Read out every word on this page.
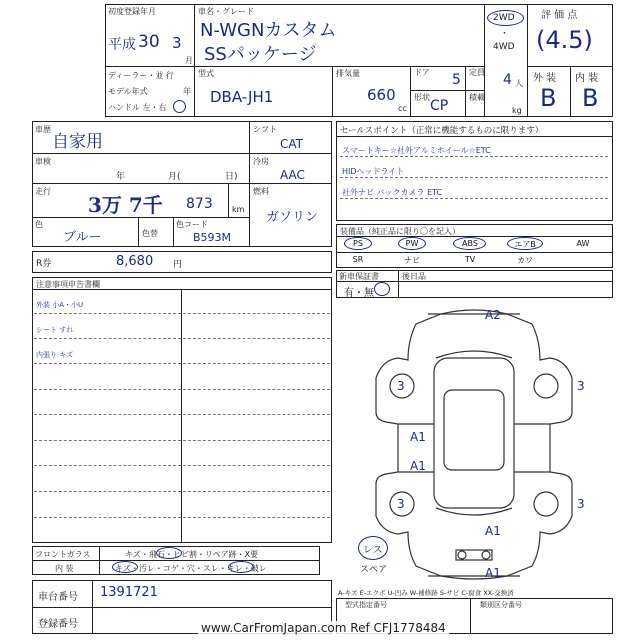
初度登録年月
平成 30 3
月
車名・グレード
N-WGNカスタム
SSパッケージ
2WD
・
4WD
評 価 点
(4.5)
ディーラー・並 行
モデル年式	年
ハンドル 左・右
型式
DBA-JH1
排気量
660
cc
ドア 5 定員 4 人
形状
CP
積載
kg
外 装 内 装
B B
車歴
自家用
車検
年	月(	日)
走行
3万 7千 873 km
色
ブルー	色替
色コード
B593M
シフト
CAT
冷房
AAC
燃料
ガソリン
セールスポイント（正常に機能するものに限ります）
スマートキー☆社外アルミホイール☆ETC
HIDヘッドライト
社外ナビ バックカメラ ETC
装備品（純正品に限り〇を記入）
PS	PW	ABS	エアB	AW
SR	ナビ	TV	カワ
新車保証書	後日品
有・無
R券	8,680 円
注意事項申告書欄
外装 小A・小U
シート すれ
内張り キズ
A2
3	3
A1
A1
3	3
A1
A1
レス
スペア
フロントガラス	キズ・飛石・ヒビ割・リペア跡・X要
内 装	キズ・汚レ・コゲ・穴・スレ・キレ・破レ
A-キズ E-エクボ U-凹み W-補修跡 S-サビ C-腐食 XX-交換済
車台番号 1391721
登録番号
型式指定番号	類別区分番号
www.CarFromJapan.com Ref CFJ1778484
